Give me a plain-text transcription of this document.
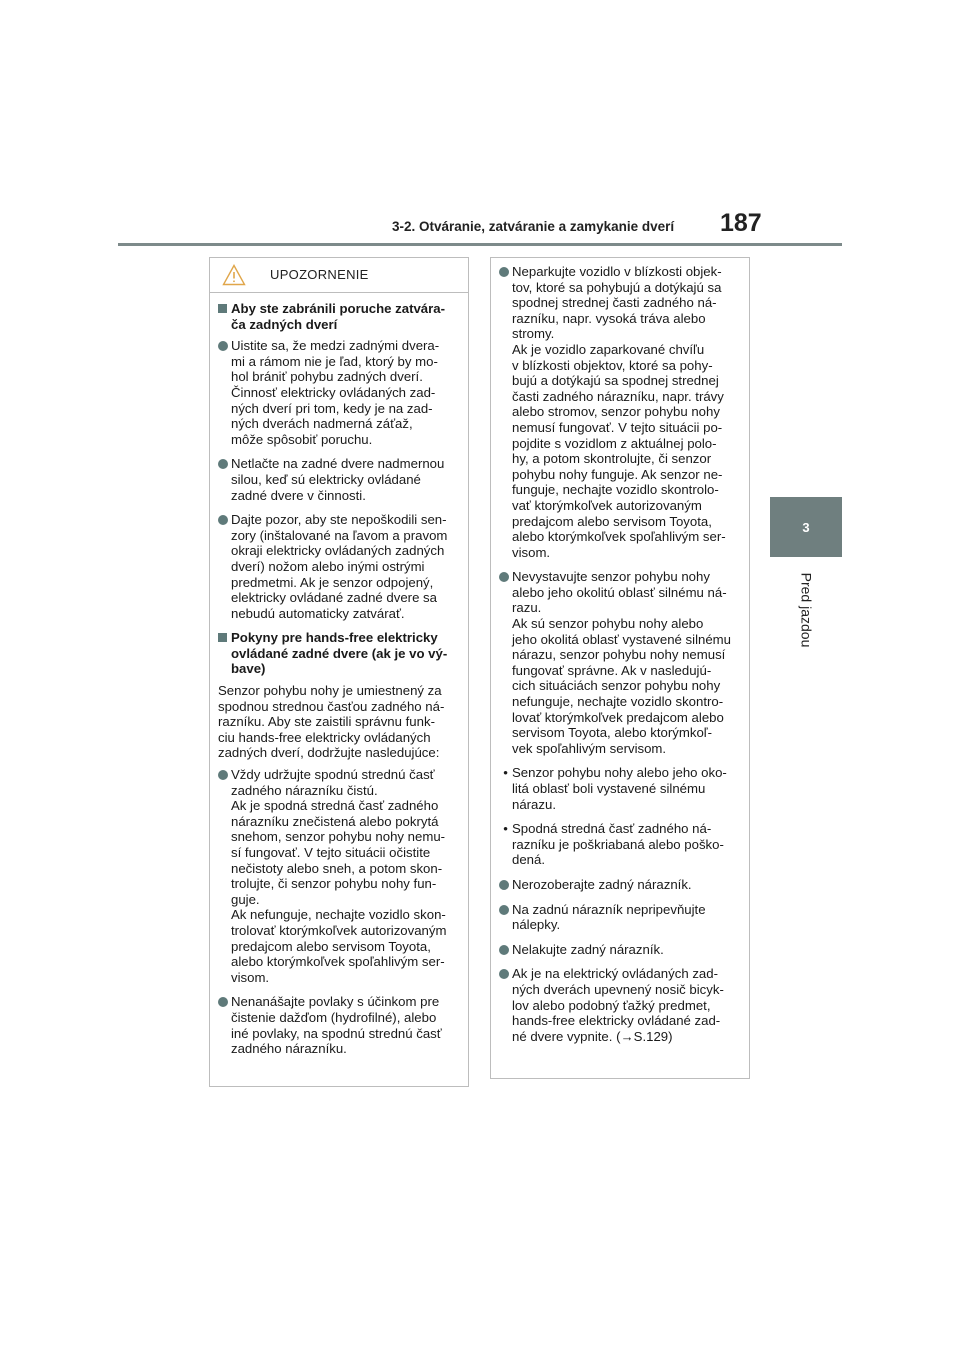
3-2. Otváranie, zatváranie a zamykanie dverí 187
3
Pred jazdou
UPOZORNENIE
Aby ste zabránili poruche zatvára-
ča zadných dverí
Uistite sa, že medzi zadnými dvera-
mi a rámom nie je ľad, ktorý by mo-
hol brániť pohybu zadných dverí.
Činnosť elektricky ovládaných zad-
ných dverí pri tom, kedy je na zad-
ných dverách nadmerná záťaž,
môže spôsobiť poruchu.
Netlačte na zadné dvere nadmernou
silou, keď sú elektricky ovládané
zadné dvere v činnosti.
Dajte pozor, aby ste nepoškodili sen-
zory (inštalované na ľavom a pravom
okraji elektricky ovládaných zadných
dverí) nožom alebo inými ostrými
predmetmi. Ak je senzor odpojený,
elektricky ovládané zadné dvere sa
nebudú automaticky zatvárať.
Pokyny pre hands-free elektricky
ovládané zadné dvere (ak je vo vý-
bave)
Senzor pohybu nohy je umiestnený za
spodnou strednou časťou zadného ná-
razníku. Aby ste zaistili správnu funk-
ciu hands-free elektricky ovládaných
zadných dverí, dodržujte nasledujúce:
Vždy udržujte spodnú strednú časť
zadného nárazníku čistú.
Ak je spodná stredná časť zadného
nárazníku znečistená alebo pokrytá
snehom, senzor pohybu nohy nemu-
sí fungovať. V tejto situácii očistite
nečistoty alebo sneh, a potom skon-
trolujte, či senzor pohybu nohy fun-
guje.
Ak nefunguje, nechajte vozidlo skon-
trolovať ktorýmkoľvek autorizovaným
predajcom alebo servisom Toyota,
alebo ktorýmkoľvek spoľahlivým ser-
visom.
Nenanášajte povlaky s účinkom pre
čistenie dažďom (hydrofilné), alebo
iné povlaky, na spodnú strednú časť
zadného nárazníku.
Neparkujte vozidlo v blízkosti objek-
tov, ktoré sa pohybujú a dotýkajú sa
spodnej strednej časti zadného ná-
razníku, napr. vysoká tráva alebo
stromy.
Ak je vozidlo zaparkované chvíľu
v blízkosti objektov, ktoré sa pohy-
bujú a dotýkajú sa spodnej strednej
časti zadného nárazníku, napr. trávy
alebo stromov, senzor pohybu nohy
nemusí fungovať. V tejto situácii po-
pojdite s vozidlom z aktuálnej polo-
hy, a potom skontrolujte, či senzor
pohybu nohy funguje. Ak senzor ne-
funguje, nechajte vozidlo skontrolo-
vať ktorýmkoľvek autorizovaným
predajcom alebo servisom Toyota,
alebo ktorýmkoľvek spoľahlivým ser-
visom.
Nevystavujte senzor pohybu nohy
alebo jeho okolitú oblasť silnému ná-
razu.
Ak sú senzor pohybu nohy alebo
jeho okolitá oblasť vystavené silnému
nárazu, senzor pohybu nohy nemusí
fungovať správne. Ak v nasledujú-
cich situáciách senzor pohybu nohy
nefunguje, nechajte vozidlo skontro-
lovať ktorýmkoľvek predajcom alebo
servisom Toyota, alebo ktorýmkoľ-
vek spoľahlivým servisom.
• Senzor pohybu nohy alebo jeho oko-
litá oblasť boli vystavené silnému
nárazu.
• Spodná stredná časť zadného ná-
razníku je poškriabaná alebo poško-
dená.
Nerozoberajte zadný nárazník.
Na zadnú nárazník nepripevňujte
nálepky.
Nelakujte zadný nárazník.
Ak je na elektrický ovládaných zad-
ných dverách upevnený nosič bicyk-
lov alebo podobný ťažký predmet,
hands-free elektricky ovládané zad-
né dvere vypnite. (→S.129)
